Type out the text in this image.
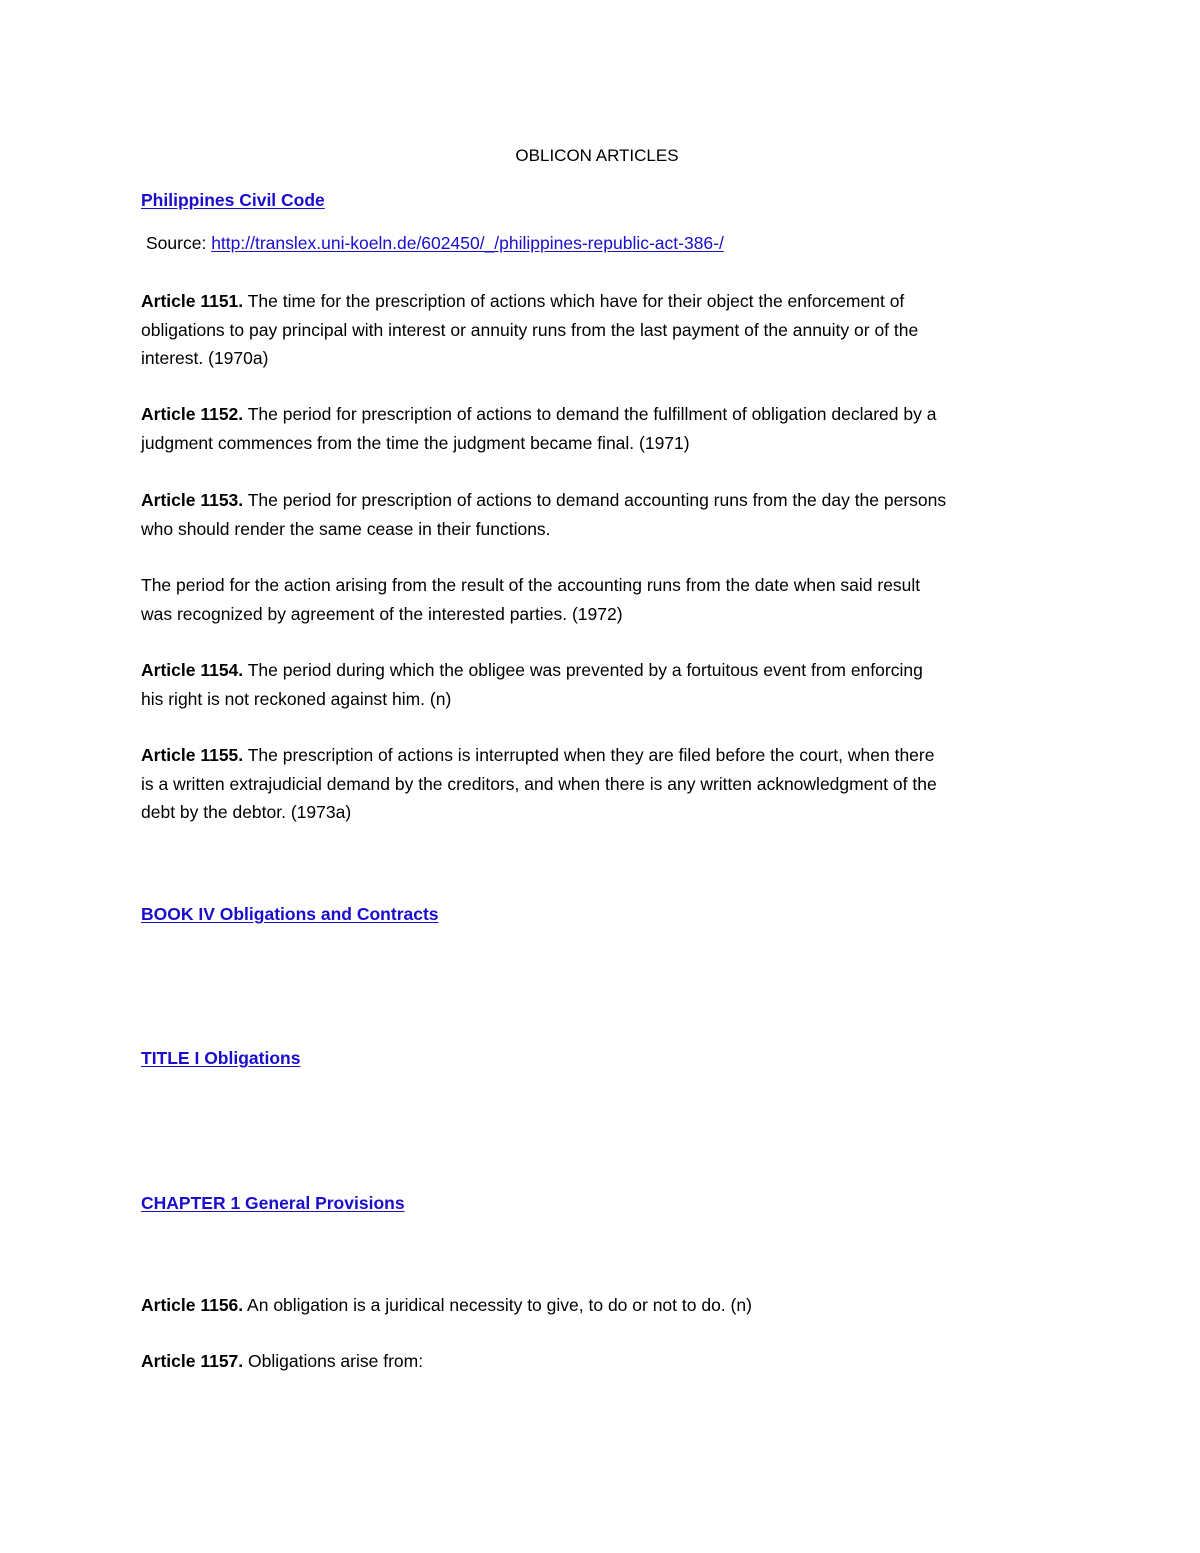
OBLICON ARTICLES
Philippines Civil Code
Source: http://translex.uni-koeln.de/602450/_/philippines-republic-act-386-/
Article 1151. The time for the prescription of actions which have for their object the enforcement of
obligations to pay principal with interest or annuity runs from the last payment of the annuity or of the
interest. (1970a)
Article 1152. The period for prescription of actions to demand the fulfillment of obligation declared by a
judgment commences from the time the judgment became final. (1971)
Article 1153. The period for prescription of actions to demand accounting runs from the day the persons
who should render the same cease in their functions.
The period for the action arising from the result of the accounting runs from the date when said result
was recognized by agreement of the interested parties. (1972)
Article 1154. The period during which the obligee was prevented by a fortuitous event from enforcing
his right is not reckoned against him. (n)
Article 1155. The prescription of actions is interrupted when they are filed before the court, when there
is a written extrajudicial demand by the creditors, and when there is any written acknowledgment of the
debt by the debtor. (1973a)
BOOK IV Obligations and Contracts
TITLE I Obligations
CHAPTER 1 General Provisions
Article 1156. An obligation is a juridical necessity to give, to do or not to do. (n)
Article 1157. Obligations arise from:
